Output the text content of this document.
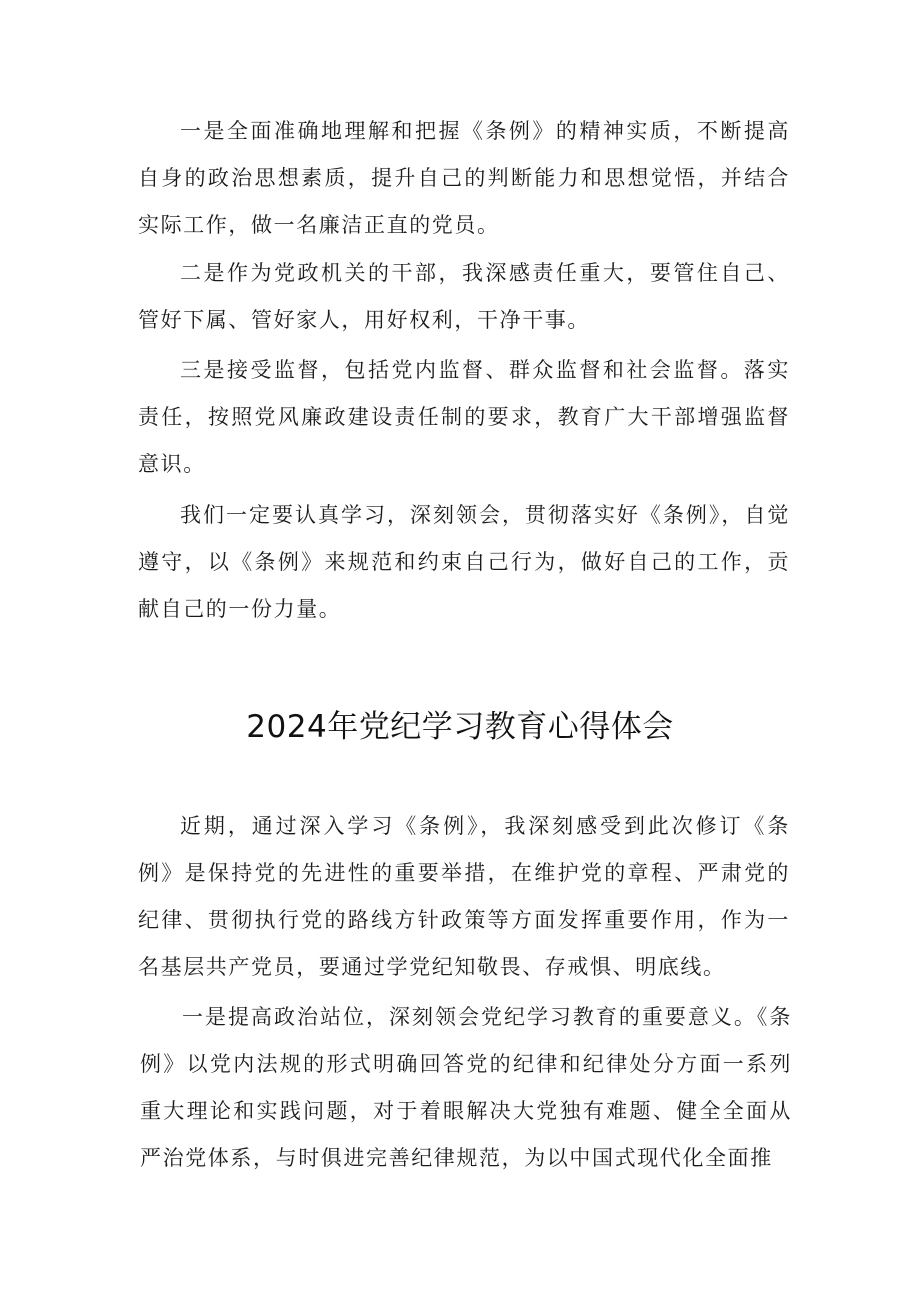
一是全面准确地理解和把握《条例》的精神实质，不断提高自身的政治思想素质，提升自己的判断能力和思想觉悟，并结合实际工作，做一名廉洁正直的党员。

二是作为党政机关的干部，我深感责任重大，要管住自己、管好下属、管好家人，用好权利，干净干事。

三是接受监督，包括党内监督、群众监督和社会监督。落实责任，按照党风廉政建设责任制的要求，教育广大干部增强监督意识。

我们一定要认真学习，深刻领会，贯彻落实好《条例》，自觉遵守，以《条例》来规范和约束自己行为，做好自己的工作，贡献自己的一份力量。

2024年党纪学习教育心得体会

近期，通过深入学习《条例》，我深刻感受到此次修订《条例》是保持党的先进性的重要举措，在维护党的章程、严肃党的纪律、贯彻执行党的路线方针政策等方面发挥重要作用，作为一名基层共产党员，要通过学党纪知敬畏、存戒惧、明底线。

一是提高政治站位，深刻领会党纪学习教育的重要意义。《条例》以党内法规的形式明确回答党的纪律和纪律处分方面一系列重大理论和实践问题，对于着眼解决大党独有难题、健全全面从严治党体系，与时俱进完善纪律规范，为以中国式现代化全面推
